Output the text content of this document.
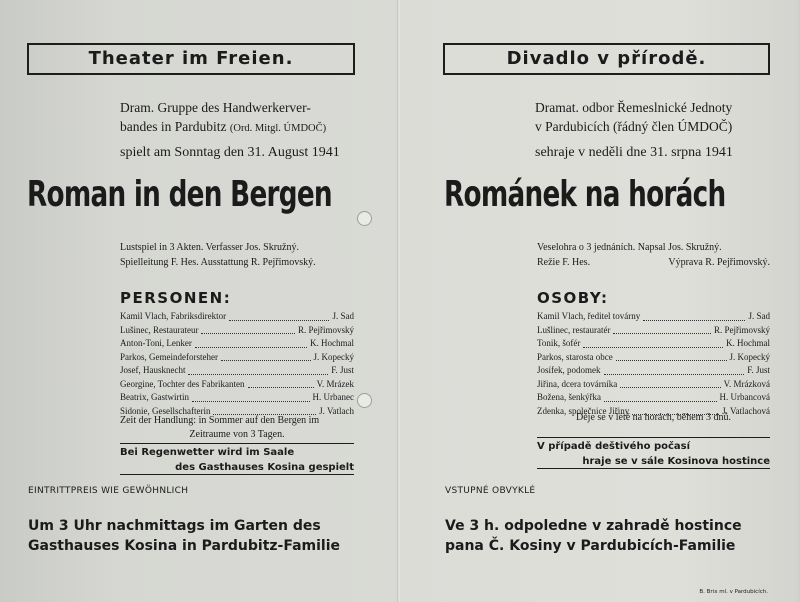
Theater im Freien.
Dram. Gruppe des Handwerkerver-
bandes in Pardubitz (Ord. Mitgl. ÚMDOČ)
spielt am Sonntag den 31. August 1941
Roman in den Bergen
Lustspiel in 3 Akten. Verfasser Jos. Skružný.
Spielleitung F. Hes. Ausstattung R. Pejřimovský.
PERSONEN:
Kamil Vlach, Fabriksdirektor	J. Sad
Lušinec, Restaurateur	R. Pejřimovský
Anton-Toni, Lenker	K. Hochmal
Parkos, Gemeindeforsteher	J. Kopecký
Josef, Hausknecht	F. Just
Georgine, Tochter des Fabrikanten	V. Mrázek
Beatrix, Gastwirtin	H. Urbanec
Sidonie, Gesellschafterin	J. Vatlach
Zeit der Handlung: in Sommer auf den Bergen im
Zeitraume von 3 Tagen.
Bei Regenwetter wird im Saale
des Gasthauses Kosina gespielt
EINTRITTPREIS WIE GEWÖHNLICH
Um 3 Uhr nachmittags im Garten des
Gasthauses Kosina in Pardubitz-Familie
Divadlo v přírodě.
Dramat. odbor Řemeslnické Jednoty
v Pardubicích (řádný člen ÚMDOČ)
sehraje v neděli dne 31. srpna 1941
Románek na horách
Veselohra o 3 jednáních. Napsal Jos. Skružný.
Režie F. Hes.	Výprava R. Pejřimovský.
OSOBY:
Kamil Vlach, ředitel továrny	J. Sad
Lušlinec, restauratér	R. Pejřimovský
Tonik, šofér	K. Hochmal
Parkos, starosta obce	J. Kopecký
Josífek, podomek	F. Just
Jiřina, dcera továrníka	V. Mrázková
Božena, šenkýřka	H. Urbancová
Zdenka, společnice Jiřiny	J. Vatlachová
Děje se v létě na horách, během 3 dnů.
V případě deštivého počasí
hraje se v sále Kosinova hostince
VSTUPNÉ OBVYKLÉ
Ve 3 h. odpoledne v zahradě hostince
pana Č. Kosiny v Pardubicích-Familie
B. Brix ml. v Pardubicích.
